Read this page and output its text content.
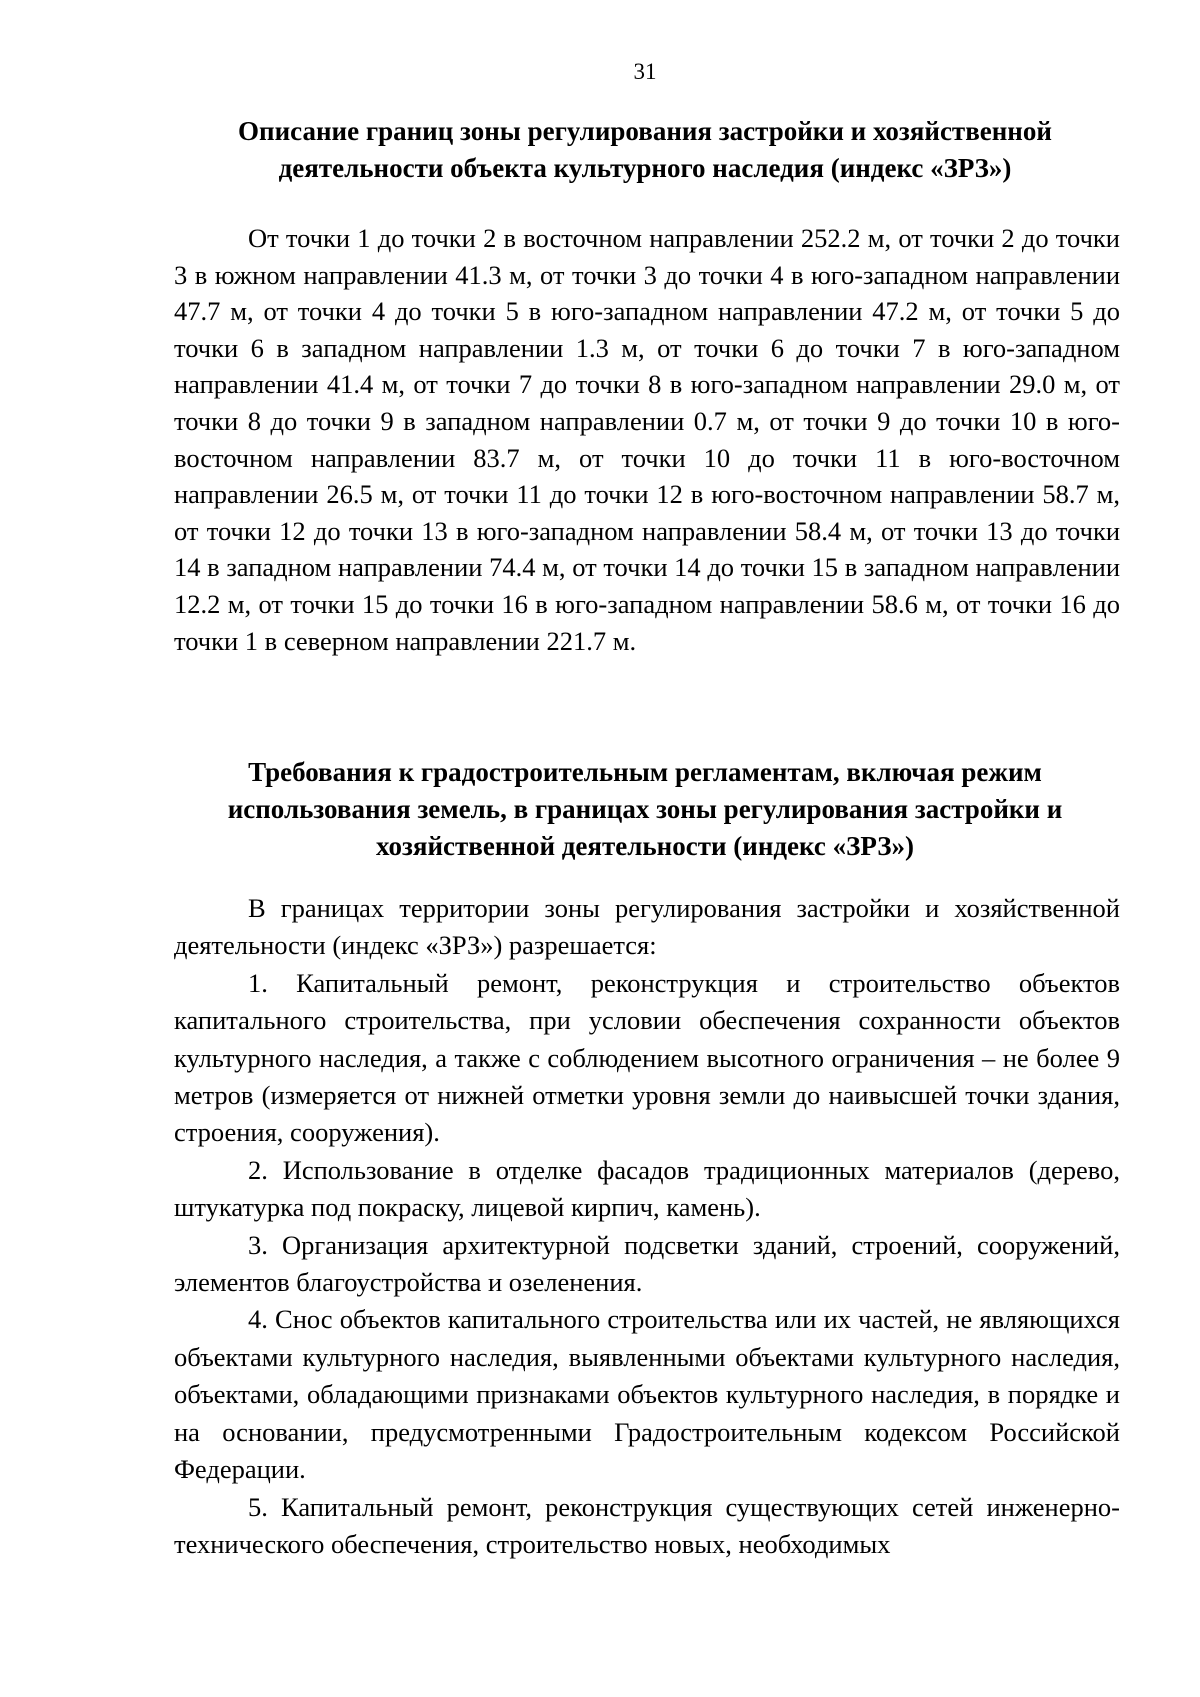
31
Описание границ зоны регулирования застройки и хозяйственной
деятельности объекта культурного наследия (индекс «ЗРЗ»)

От точки 1 до точки 2 в восточном направлении 252.2 м, от точки 2 до точки 3 в южном направлении 41.3 м, от точки 3 до точки 4 в юго-западном направлении 47.7 м, от точки 4 до точки 5 в юго-западном направлении 47.2 м, от точки 5 до точки 6 в западном направлении 1.3 м, от точки 6 до точки 7 в юго-западном направлении 41.4 м, от точки 7 до точки 8 в юго-западном направлении 29.0 м, от точки 8 до точки 9 в западном направлении 0.7 м, от точки 9 до точки 10 в юго-восточном направлении 83.7 м, от точки 10 до точки 11 в юго-восточном направлении 26.5 м, от точки 11 до точки 12 в юго-восточном направлении 58.7 м, от точки 12 до точки 13 в юго-западном направлении 58.4 м, от точки 13 до точки 14 в западном направлении 74.4 м, от точки 14 до точки 15 в западном направлении 12.2 м, от точки 15 до точки 16 в юго-западном направлении 58.6 м, от точки 16 до точки 1 в северном направлении 221.7 м.

Требования к градостроительным регламентам, включая режим
использования земель, в границах зоны регулирования застройки и
хозяйственной деятельности (индекс «ЗРЗ»)

В границах территории зоны регулирования застройки и хозяйственной деятельности (индекс «ЗРЗ») разрешается:

1. Капитальный ремонт, реконструкция и строительство объектов капитального строительства, при условии обеспечения сохранности объектов культурного наследия, а также с соблюдением высотного ограничения – не более 9 метров (измеряется от нижней отметки уровня земли до наивысшей точки здания, строения, сооружения).

2. Использование в отделке фасадов традиционных материалов (дерево, штукатурка под покраску, лицевой кирпич, камень).

3. Организация архитектурной подсветки зданий, строений, сооружений, элементов благоустройства и озеленения.

4. Снос объектов капитального строительства или их частей, не являющихся объектами культурного наследия, выявленными объектами культурного наследия, объектами, обладающими признаками объектов культурного наследия, в порядке и на основании, предусмотренными Градостроительным кодексом Российской Федерации.

5. Капитальный ремонт, реконструкция существующих сетей инженерно-технического обеспечения, строительство новых, необходимых
